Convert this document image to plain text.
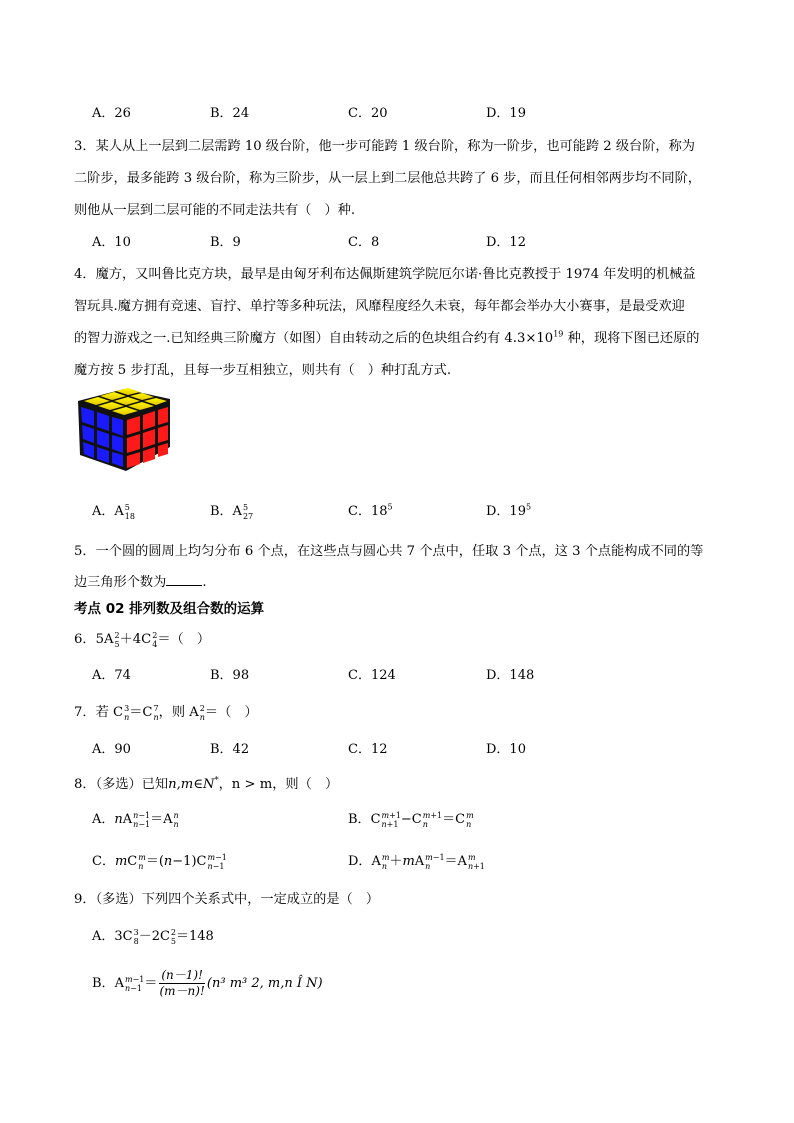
A．26	B．24	C．20	D．19
3．某人从上一层到二层需跨 10 级台阶，他一步可能跨 1 级台阶，称为一阶步，也可能跨 2 级台阶，称为
二阶步，最多能跨 3 级台阶，称为三阶步，从一层上到二层他总共跨了 6 步，而且任何相邻两步均不同阶，
则他从一层到二层可能的不同走法共有（　）种.
A．10	B．9	C．8	D．12
4．魔方，又叫鲁比克方块，最早是由匈牙利布达佩斯建筑学院厄尔诺·鲁比克教授于 1974 年发明的机械益
智玩具.魔方拥有竞速、盲拧、单拧等多种玩法，风靡程度经久未衰，每年都会举办大小赛事，是最受欢迎
的智力游戏之一.已知经典三阶魔方（如图）自由转动之后的色块组合约有 $4.3\times 10^{19}$ 种，现将下图已还原的
魔方按 5 步打乱，且每一步互相独立，则共有（　）种打乱方式.
A．A 5
18	B．A 5
27	C．$18^5$	D．$19^5$
5．一个圆的圆周上均匀分布 6 个点，在这些点与圆心共 7 个点中，任取 3 个点，这 3 个点能构成不同的等
边三角形个数为	.
考点 02 排列数及组合数的运算
6．5A 2
5 ＋4C 2
4 ＝（　）
A．74	B．98	C．124	D．148
7．若 C 3
n ＝C 7
n ，则 A 2
n ＝（　）
A．90	B．42	C．12	D．10
8．（多选）已知n,m∈N*，n > m，则（　）
A．nA n−1
n−1 ＝A n
n	B．C m+1
n+1 −C m+1
n	＝C m
n
C．mC m
n ＝(n−1)C m−1
n−1	D．A m
n ＋mA m−1
n	＝A m
n+1
9．（多选）下列四个关系式中，一定成立的是（　）
A．3C 3
8 －2C 2
5 ＝148
B．A m−1
$n-1 = \frac{(n-1)!}{(m-n)!} (n^3$ m³ 2, m,n Î N)
